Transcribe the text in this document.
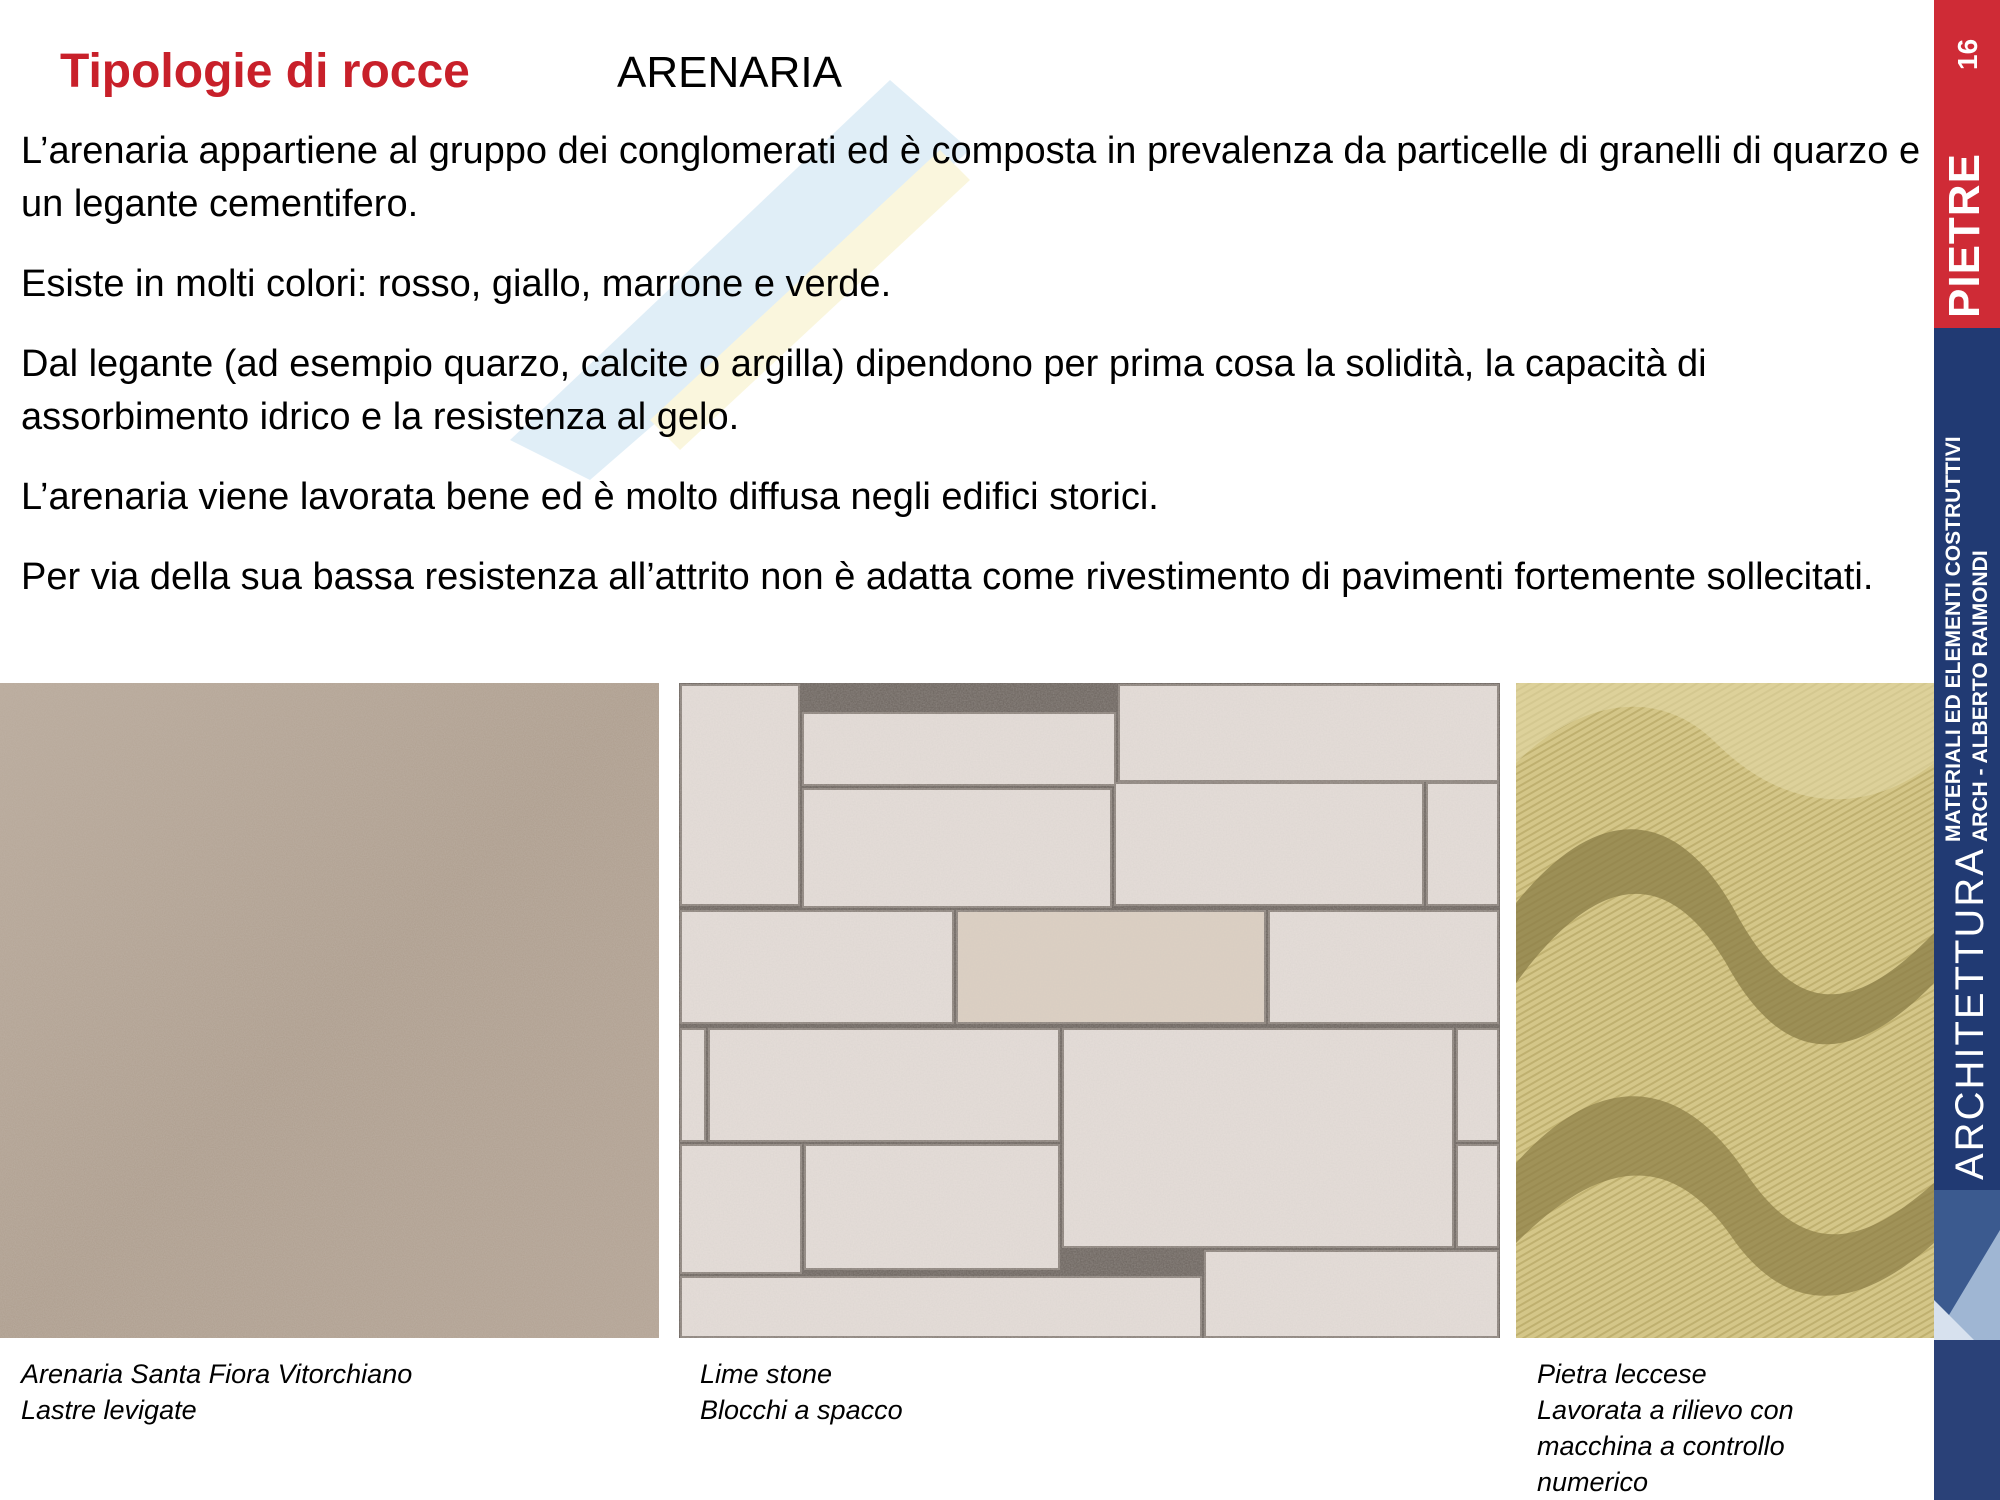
Tipologie di rocce	ARENARIA

L’arenaria appartiene al gruppo dei conglomerati ed è composta in prevalenza da particelle di granelli di quarzo e un legante cementifero.

Esiste in molti colori: rosso, giallo, marrone e verde.

Dal legante (ad esempio quarzo, calcite o argilla) dipendono per prima cosa la solidità, la capacità di assorbimento idrico e la resistenza al gelo.

L’arenaria viene lavorata bene ed è molto diffusa negli edifici storici.

Per via della sua bassa resistenza all’attrito non è adatta come rivestimento di pavimenti fortemente sollecitati.

Arenaria Santa Fiora Vitorchiano
Lastre levigate
Lime stone
Blocchi a spacco
Pietra leccese
Lavorata a rilievo con
macchina a controllo
numerico
16
PIETRE
MATERIALI ED ELEMENTI COSTRUTTIVI ARCH - ALBERTO RAIMONDI
ARCHITETTURA
